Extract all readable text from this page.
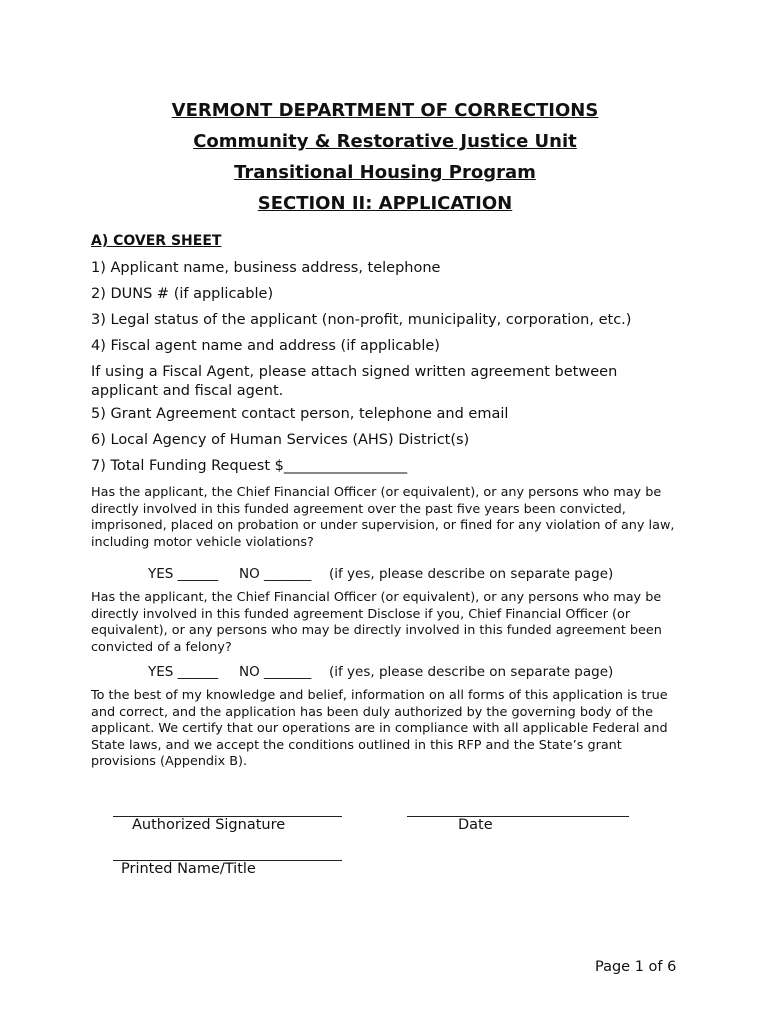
VERMONT DEPARTMENT OF CORRECTIONS
Community & Restorative Justice Unit
Transitional Housing Program
SECTION II: APPLICATION
A) COVER SHEET
1) Applicant name, business address, telephone
2) DUNS # (if applicable)
3) Legal status of the applicant (non-profit, municipality, corporation, etc.)
4) Fiscal agent name and address (if applicable)
If using a Fiscal Agent, please attach signed written agreement between applicant and fiscal agent.
5) Grant Agreement contact person, telephone and email
6) Local Agency of Human Services (AHS) District(s)
7) Total Funding Request $_________________
Has the applicant, the Chief Financial Officer (or equivalent), or any persons who may be directly involved in this funded agreement over the past five years been convicted, imprisoned, placed on probation or under supervision, or fined for any violation of any law, including motor vehicle violations?
YES ______ NO _______ (if yes, please describe on separate page)
Has the applicant, the Chief Financial Officer (or equivalent), or any persons who may be directly involved in this funded agreement Disclose if you, Chief Financial Officer (or equivalent), or any persons who may be directly involved in this funded agreement been convicted of a felony?
YES ______ NO _______ (if yes, please describe on separate page)
To the best of my knowledge and belief, information on all forms of this application is true and correct, and the application has been duly authorized by the governing body of the applicant. We certify that our operations are in compliance with all applicable Federal and State laws, and we accept the conditions outlined in this RFP and the State’s grant provisions (Appendix B).
Authorized Signature	Date
Printed Name/Title
Page 1 of 6
